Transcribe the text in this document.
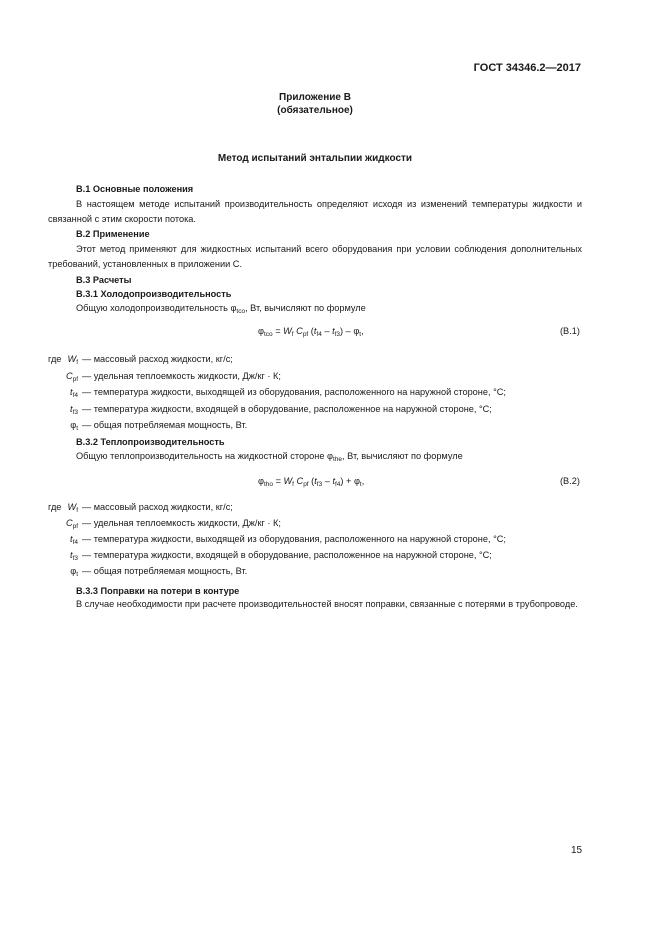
ГОСТ 34346.2—2017
Приложение В
(обязательное)
Метод испытаний энтальпии жидкости
В.1 Основные положения
В настоящем методе испытаний производительность определяют исходя из изменений температуры жидкости и связанной с этим скорости потока.
В.2 Применение
Этот метод применяют для жидкостных испытаний всего оборудования при условии соблюдения дополнительных требований, установленных в приложении С.
В.3 Расчеты
В.3.1 Холодопроизводительность
Общую холодопроизводительность $\varphi_{tco}$, Вт, вычисляют по формуле
$\varphi_{tco} = W_f$ $C_{pf}$ $(t_{f4} - t_{f3}) - \varphi_t$,	(В.1)
где $W_f$ — массовый расход жидкости, кг/с;
$C_{pf}$ — удельная теплоемкость жидкости, Дж/кг · К;
$t_{f4}$ — температура жидкости, выходящей из оборудования, расположенного на наружной стороне, °С;
$t_{f3}$ — температура жидкости, входящей в оборудование, расположенное на наружной стороне, °С;
$\varphi_t$ — общая потребляемая мощность, Вт.
В.3.2 Теплопроизводительность
Общую теплопроизводительность на жидкостной стороне $\varphi_{the}$, Вт, вычисляют по формуле
$\varphi_{tho} = W_f$ $C_{pf}$ $(t_{f3} - t_{f4}) + \varphi_t$,	(В.2)
где $W_f$ — массовый расход жидкости, кг/с;
$C_{pf}$ — удельная теплоемкость жидкости, Дж/кг · К;
$t_{f4}$ — температура жидкости, выходящей из оборудования, расположенного на наружной стороне, °С;
$t_{f3}$ — температура жидкости, входящей в оборудование, расположенное на наружной стороне, °С;
$\varphi_t$ — общая потребляемая мощность, Вт.
В.3.3 Поправки на потери в контуре
В случае необходимости при расчете производительностей вносят поправки, связанные с потерями в трубопроводе.
15
